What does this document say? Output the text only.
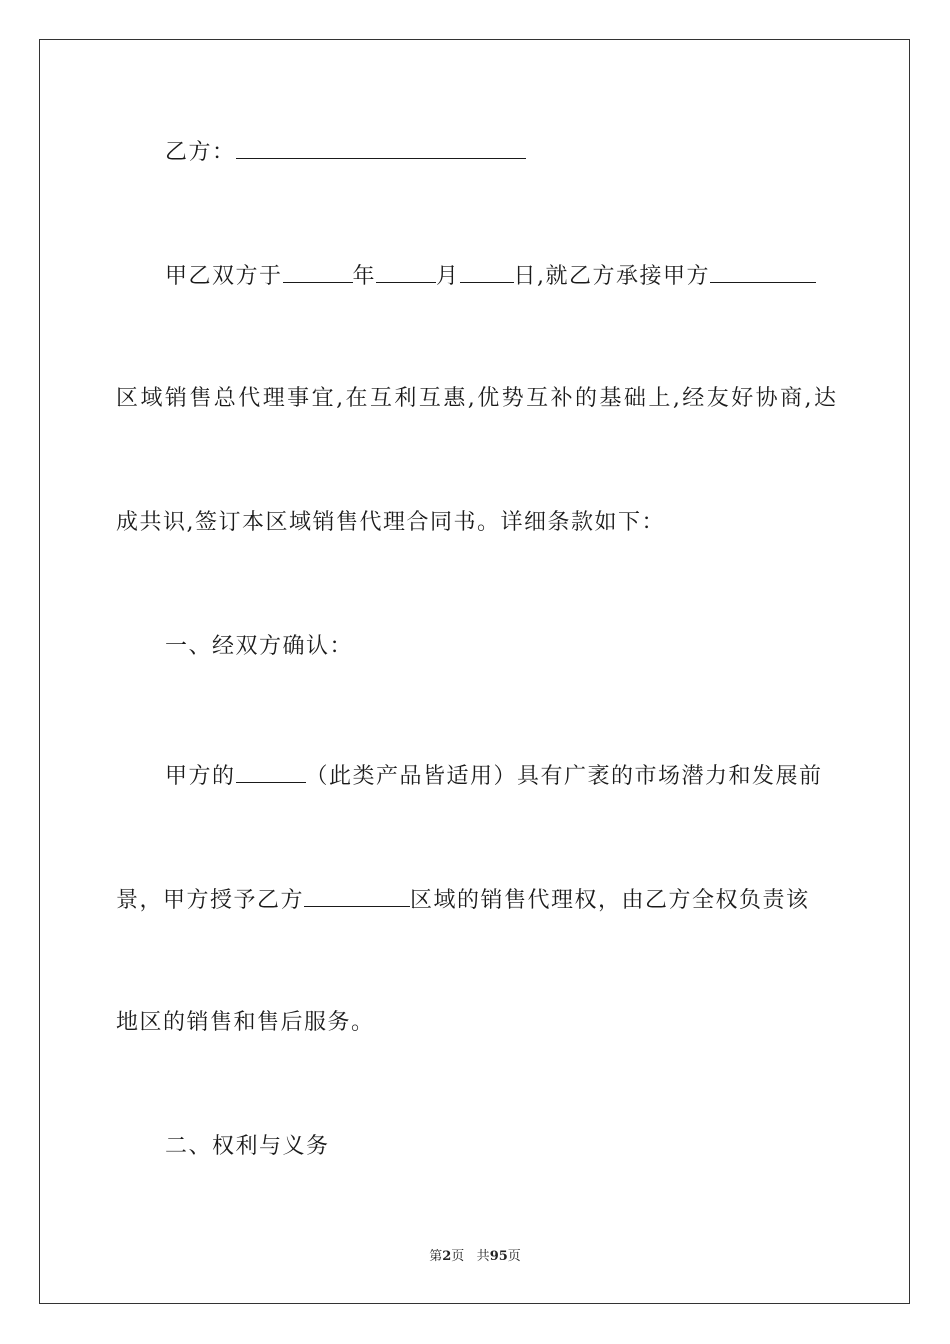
乙方：
甲乙双方于	年	月 日,就乙方承接甲方
区域销售总代理事宜,在互利互惠,优势互补的基础上,经友好协商,达
成共识,签订本区域销售代理合同书。详细条款如下：
一、经双方确认：
甲方的	（此类产品皆适用）具有广袤的市场潜力和发展前
景，甲方授予乙方	区域的销售代理权，由乙方全权负责该
地区的销售和售后服务。
二、权利与义务
第2页 共95页
